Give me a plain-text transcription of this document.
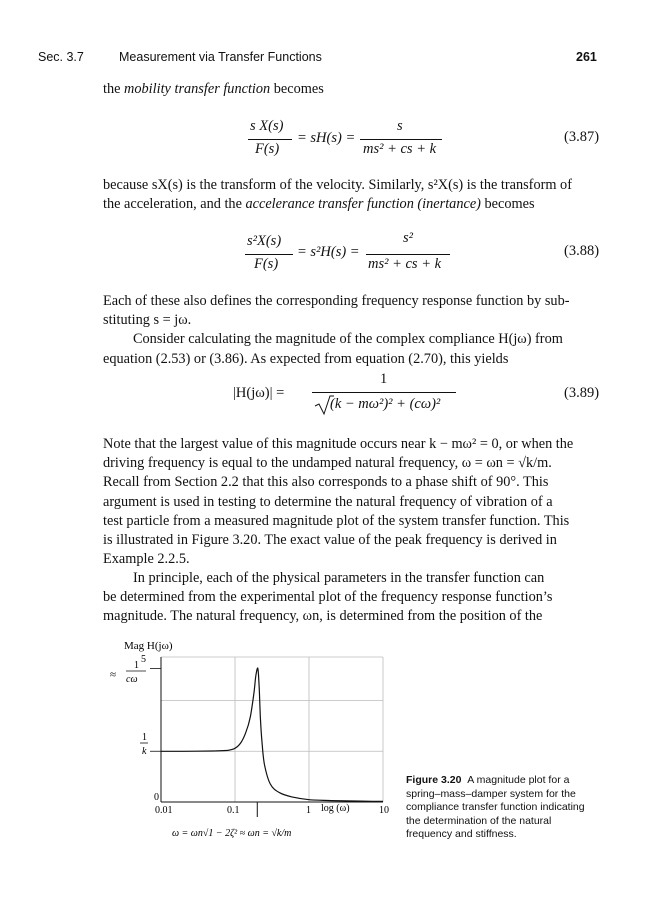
Sec. 3.7	Measurement via Transfer Functions	261
the mobility transfer function becomes
s X(s)
F(s)
= sH(s) =
s
ms² + cs + k
(3.87)
because sX(s) is the transform of the velocity. Similarly, s²X(s) is the transform of
the acceleration, and the accelerance transfer function (inertance) becomes
s²X(s)
F(s)
= s²H(s) =
s²
ms² + cs + k
(3.88)
Each of these also defines the corresponding frequency response function by sub-
stituting s = jω.
Consider calculating the magnitude of the complex compliance H(jω) from
equation (2.53) or (3.86). As expected from equation (2.70), this yields
|H(jω)| =
1
(k − mω²)² + (cω)²
(3.89)
Note that the largest value of this magnitude occurs near k − mω² = 0, or when the
driving frequency is equal to the undamped natural frequency, ω = ωn = √k/m.
Recall from Section 2.2 that this also corresponds to a phase shift of 90°. This
argument is used in testing to determine the natural frequency of vibration of a
test particle from a measured magnitude plot of the system transfer function. This
is illustrated in Figure 3.20. The exact value of the peak frequency is derived in
Example 2.2.5.
In principle, each of the physical parameters in the transfer function can
be determined from the experimental plot of the frequency response function’s
magnitude. The natural frequency, ωn, is determined from the position of the
Mag H(jω)
0.01	0.1	1 log (ω)	10
5
≈
1
cω
1
k
0
ω = ωn√1 − 2ζ² ≈ ωn = √k/m
Figure 3.20 A magnitude plot for a
spring–mass–damper system for the
compliance transfer function indicating
the determination of the natural
frequency and stiffness.
